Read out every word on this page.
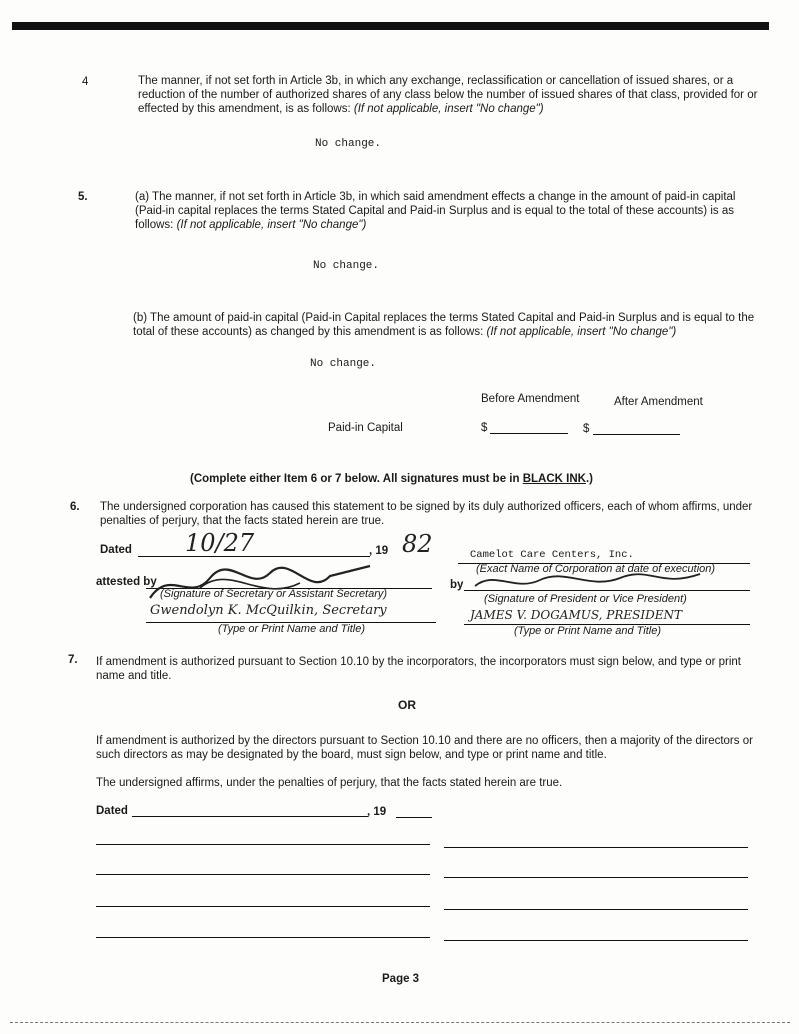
4	The manner, if not set forth in Article 3b, in which any exchange, reclassification or cancellation of issued shares, or a reduction of the number of authorized shares of any class below the number of issued shares of that class, provided for or effected by this amendment, is as follows: (If not applicable, insert "No change")
No change.
5.	(a) The manner, if not set forth in Article 3b, in which said amendment effects a change in the amount of paid-in capital (Paid-in capital replaces the terms Stated Capital and Paid-in Surplus and is equal to the total of these accounts) is as follows: (If not applicable, insert "No change")
No change.
(b) The amount of paid-in capital (Paid-in Capital replaces the terms Stated Capital and Paid-in Surplus and is equal to the total of these accounts) as changed by this amendment is as follows: (If not applicable, insert "No change")
No change.
Before Amendment	After Amendment
Paid-in Capital	$	$
(Complete either Item 6 or 7 below. All signatures must be in BLACK INK.)
6. The undersigned corporation has caused this statement to be signed by its duly authorized officers, each of whom affirms, under penalties of perjury, that the facts stated herein are true.
Dated 10/27	, 19 82	Camelot Care Centers, Inc.
(Exact Name of Corporation at date of execution)
attested by
(Signature of Secretary or Assistant Secretary)
by
(Signature of President or Vice President)
Gwendolyn K. McQuilkin, Secretary
(Type or Print Name and Title)
JAMES V. DOGAMUS, PRESIDENT
(Type or Print Name and Title)
7. If amendment is authorized pursuant to Section 10.10 by the incorporators, the incorporators must sign below, and type or print name and title.
OR
If amendment is authorized by the directors pursuant to Section 10.10 and there are no officers, then a majority of the directors or such directors as may be designated by the board, must sign below, and type or print name and title.
The undersigned affirms, under the penalties of perjury, that the facts stated herein are true.
Dated	, 19
Page 3
